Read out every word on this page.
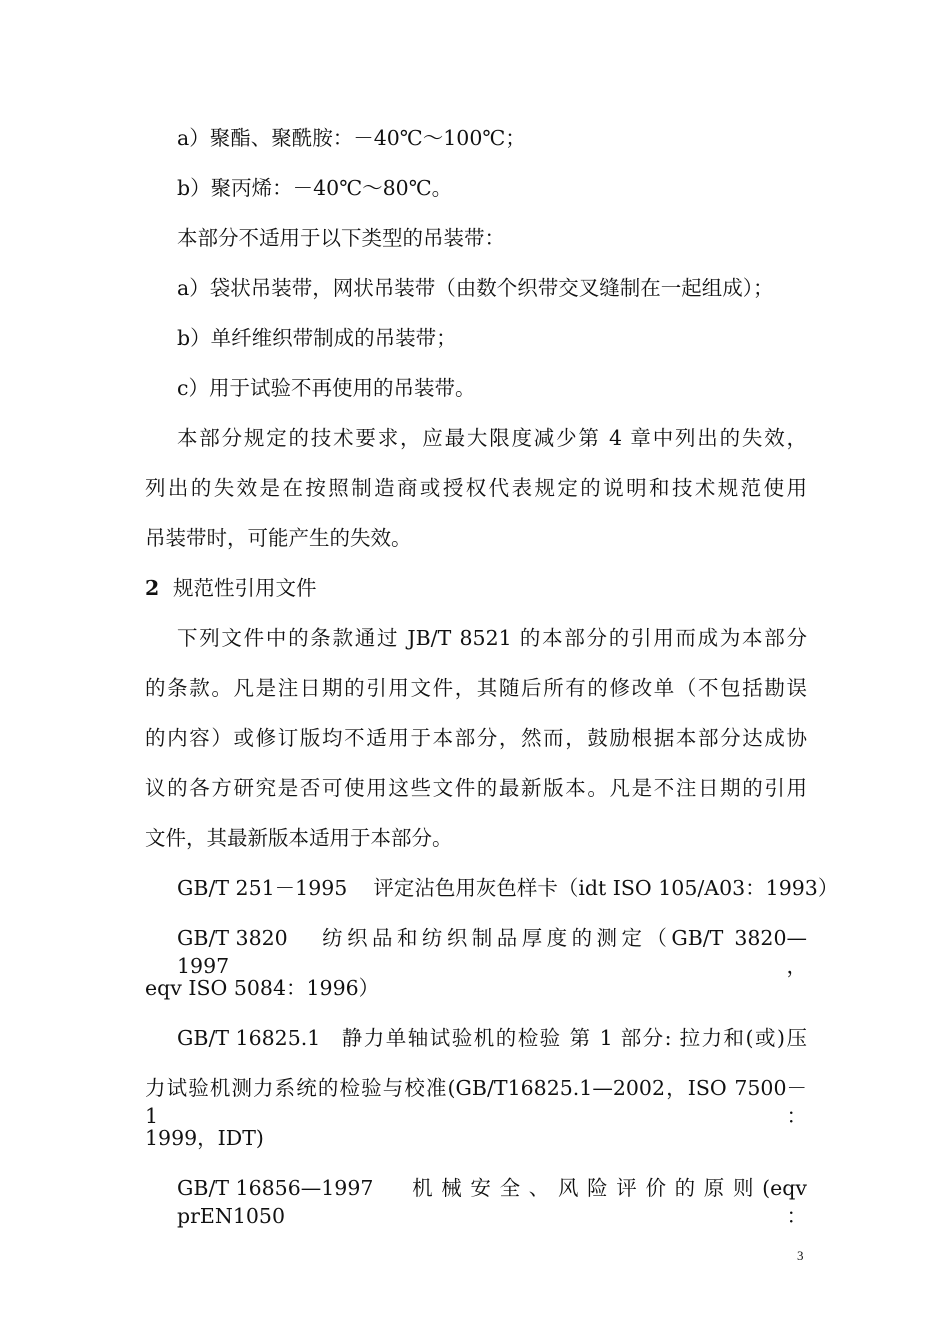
a）聚酯、聚酰胺：－40℃～100℃；
b）聚丙烯：－40℃～80℃。
本部分不适用于以下类型的吊装带：
a）袋状吊装带，网状吊装带（由数个织带交叉缝制在一起组成）；
b）单纤维织带制成的吊装带；
c）用于试验不再使用的吊装带。
本部分规定的技术要求，应最大限度减少第 4 章中列出的失效，
列出的失效是在按照制造商或授权代表规定的说明和技术规范使用
吊装带时，可能产生的失效。
2 规范性引用文件
下列文件中的条款通过 JB/T 8521 的本部分的引用而成为本部分
的条款。凡是注日期的引用文件，其随后所有的修改单（不包括勘误
的内容）或修订版均不适用于本部分，然而，鼓励根据本部分达成协
议的各方研究是否可使用这些文件的最新版本。凡是不注日期的引用
文件，其最新版本适用于本部分。
GB/T 251－1995 评定沾色用灰色样卡（idt ISO 105/A03：1993）
GB/T 3820 纺织品和纺织制品厚度的测定（GB/T 3820—1997，
eqv ISO 5084：1996）
GB/T 16825.1 静力单轴试验机的检验 第 1 部分: 拉力和(或)压
力试验机测力系统的检验与校准(GB/T16825.1—2002，ISO 7500－1：
1999，IDT)
GB/T 16856—1997 机械安全、风险评价的原则(eqv prEN1050：
3
